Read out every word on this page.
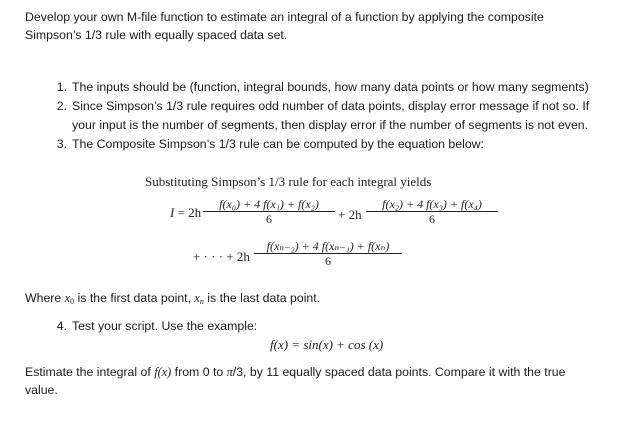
Develop your own M-file function to estimate an integral of a function by applying the composite
Simpson’s 1/3 rule with equally spaced data set.
1. The inputs should be (function, integral bounds, how many data points or how many segments)
2. Since Simpson’s 1/3 rule requires odd number of data points, display error message if not so. If
your input is the number of segments, then display error if the number of segments is not even.
3. The Composite Simpson’s 1/3 rule can be computed by the equation below:
Substituting Simpson’s 1/3 rule for each integral yields
I = 2h
f(x₀) + 4 f(x₁) + f(x₂)
6	+ 2h
f(x₂) + 4 f(x₃) + f(x₄)
6
+ · · · + 2h
f(xₙ₋₂) + 4 f(xₙ₋₁) + f(xₙ)
6
Where $x_0$ is the first data point, $x_n$ is the last data point.
4. Test your script. Use the example:
f(x) = sin(x) + cos (x)
Estimate the integral of f(x) from 0 to π/3, by 11 equally spaced data points. Compare it with the true
value.
